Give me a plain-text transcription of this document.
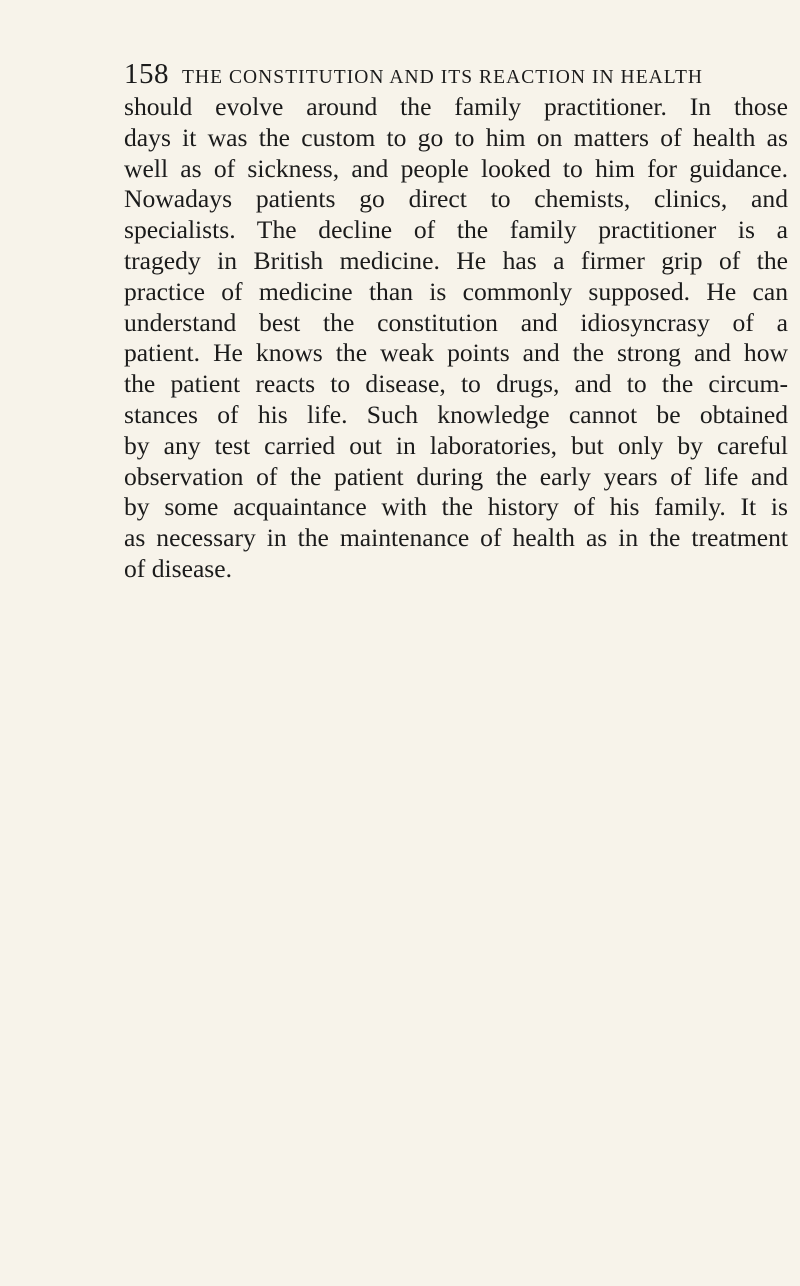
158 THE CONSTITUTION AND ITS REACTION IN HEALTH
should evolve around the family practitioner. In those
days it was the custom to go to him on matters of health as
well as of sickness, and people looked to him for guidance.
Nowadays patients go direct to chemists, clinics, and
specialists. The decline of the family practitioner is a
tragedy in British medicine. He has a firmer grip of the
practice of medicine than is commonly supposed. He can
understand best the constitution and idiosyncrasy of a
patient. He knows the weak points and the strong and how
the patient reacts to disease, to drugs, and to the circum-
stances of his life. Such knowledge cannot be obtained
by any test carried out in laboratories, but only by careful
observation of the patient during the early years of life and
by some acquaintance with the history of his family. It is
as necessary in the maintenance of health as in the treatment
of disease.
